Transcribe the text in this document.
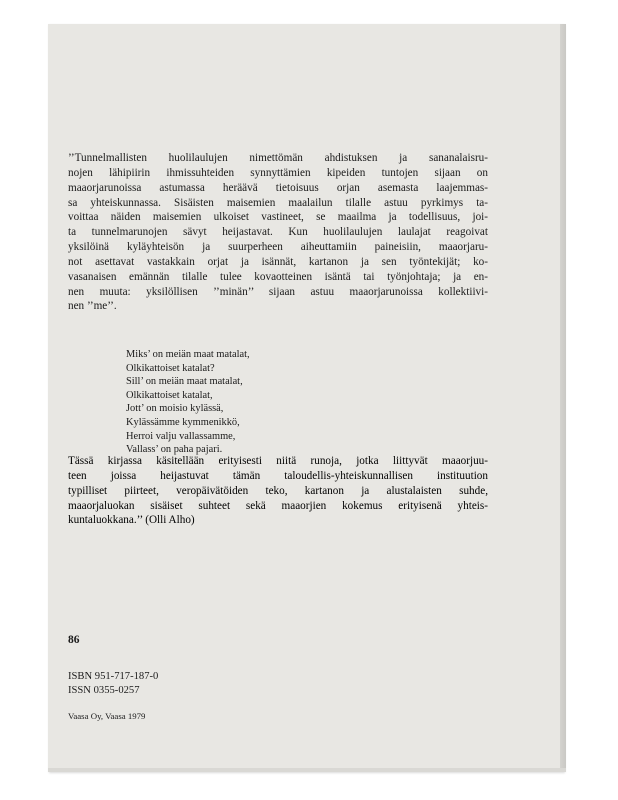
’’Tunnelmallisten huolilaulujen nimettömän ahdistuksen ja sananalaisru-
nojen lähipiirin ihmissuhteiden synnyttämien kipeiden tuntojen sijaan on
maaorjarunoissa astumassa heräävä tietoisuus orjan asemasta laajemmas-
sa yhteiskunnassa. Sisäisten maisemien maalailun tilalle astuu pyrkimys ta-
voittaa näiden maisemien ulkoiset vastineet, se maailma ja todellisuus, joi-
ta tunnelmarunojen sävyt heijastavat. Kun huolilaulujen laulajat reagoivat
yksilöinä kyläyhteisön ja suurperheen aiheuttamiin paineisiin, maaorjaru-
not asettavat vastakkain orjat ja isännät, kartanon ja sen työntekijät; ko-
vasanaisen emännän tilalle tulee kovaotteinen isäntä tai työnjohtaja; ja en-
nen muuta: yksilöllisen ’’minän’’ sijaan astuu maaorjarunoissa kollektiivi-
nen ’’me’’.

Miks’ on meiän maat matalat,
Olkikattoiset katalat?
Sill’ on meiän maat matalat,
Olkikattoiset katalat,
Jott’ on moisio kylässä,
Kylässämme kymmenikkö,
Herroi valju vallassamme,
Vallass’ on paha pajari.

Tässä kirjassa käsitellään erityisesti niitä runoja, jotka liittyvät maaorjuu-
teen joissa heijastuvat tämän taloudellis-yhteiskunnallisen instituution
typilliset piirteet, veropäivätöiden teko, kartanon ja alustalaisten suhde,
maaorjaluokan sisäiset suhteet sekä maaorjien kokemus erityisenä yhteis-
kuntaluokkana.’’ (Olli Alho)

86
ISBN 951-717-187-0
ISSN 0355-0257
Vaasa Oy, Vaasa 1979
